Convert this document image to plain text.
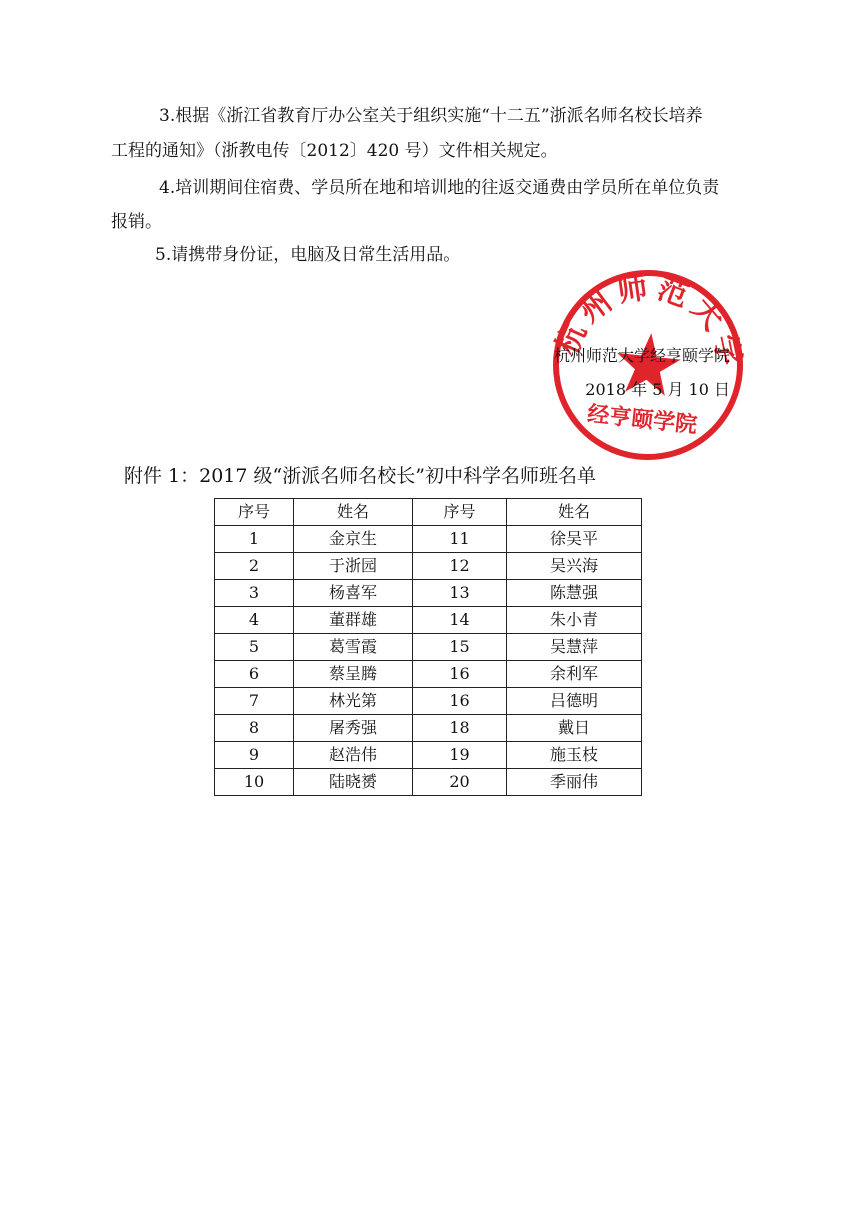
3.根据《浙江省教育厅办公室关于组织实施“十二五”浙派名师名校长培养
工程的通知》（浙教电传〔2012〕420 号）文件相关规定。
4.培训期间住宿费、学员所在地和培训地的往返交通费由学员所在单位负责
报销。
5.请携带身份证，电脑及日常生活用品。
杭州师范大学
经亨颐学院
杭州师范大学经亨颐学院
2018 年 5 月 10 日
附件 1：2017 级“浙派名师名校长”初中科学名师班名单
序号	姓名	序号	姓名
1	金京生	11	徐吴平
2	于浙园	12	吴兴海
3	杨喜军	13	陈慧强
4	董群雄	14	朱小青
5	葛雪霞	15	吴慧萍
6	蔡呈腾	16	余利军
7	林光第	16	吕德明
8	屠秀强	18	戴日
9	赵浩伟	19	施玉枝
10	陆晓赟	20	季丽伟
